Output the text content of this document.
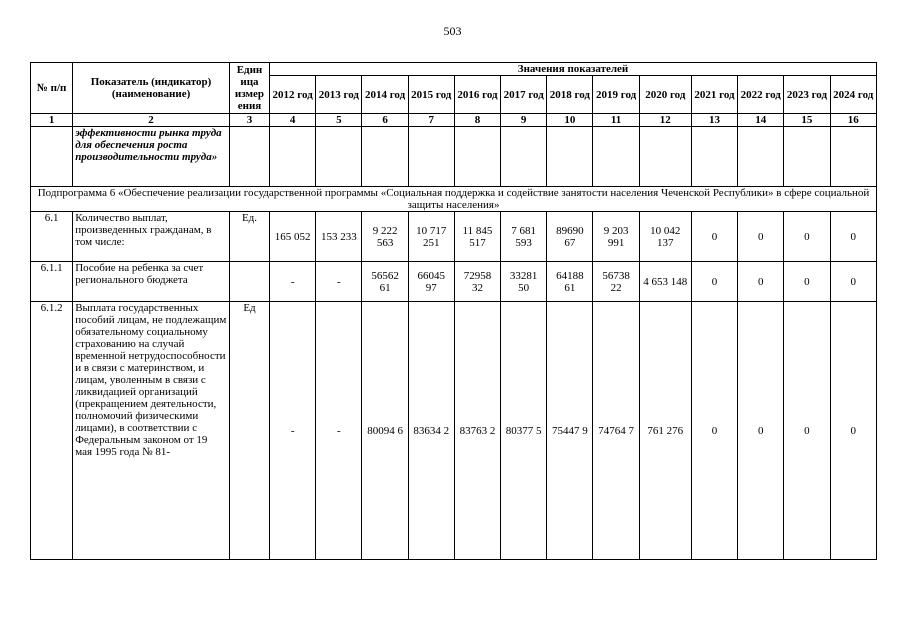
503
№ п/п	Показатель (индикатор) (наименование)	Един ица измер ения	Значения показателей												
			2012 год	2013 год	2014 год	2015 год	2016 год	2017 год	2018 год	2019 год	2020 год	2021 год	2022 год	2023 год	2024 год
1	2	3	4	5	6	7	8	9	10	11	12	13	14	15	16
	эффективности рынка труда для обеспечения роста производительности труда»														
Подпрограмма 6 «Обеспечение реализации государственной программы «Социальная поддержка и содействие занятости населения Чеченской Республики» в сфере социальной защиты населения»															
6.1	Количество выплат, произведенных гражданам, в том числе:	Ед.	165 052	153 233	9 222 563	10 717 251	11 845 517	7 681 593	89690 67	9 203 991	10 042 137	0	0	0	0
6.1.1	Пособие на ребенка за счет регионального бюджета		-	-	56562 61	66045 97	72958 32	33281 50	64188 61	56738 22	4 653 148	0	0	0	0
6.1.2	Выплата государственных пособий лицам, не подлежащим обязательному социальному страхованию на случай временной нетрудоспособности и в связи с материнством, и лицам, уволенным в связи с ликвидацией организаций (прекращением деятельности, полномочий физическими лицами), в соответствии с Федеральным законом от 19 мая 1995 года № 81-	Ед	-	-	80094 6	83634 2	83763 2	80377 5	75447 9	74764 7	761 276	0	0	0	0
